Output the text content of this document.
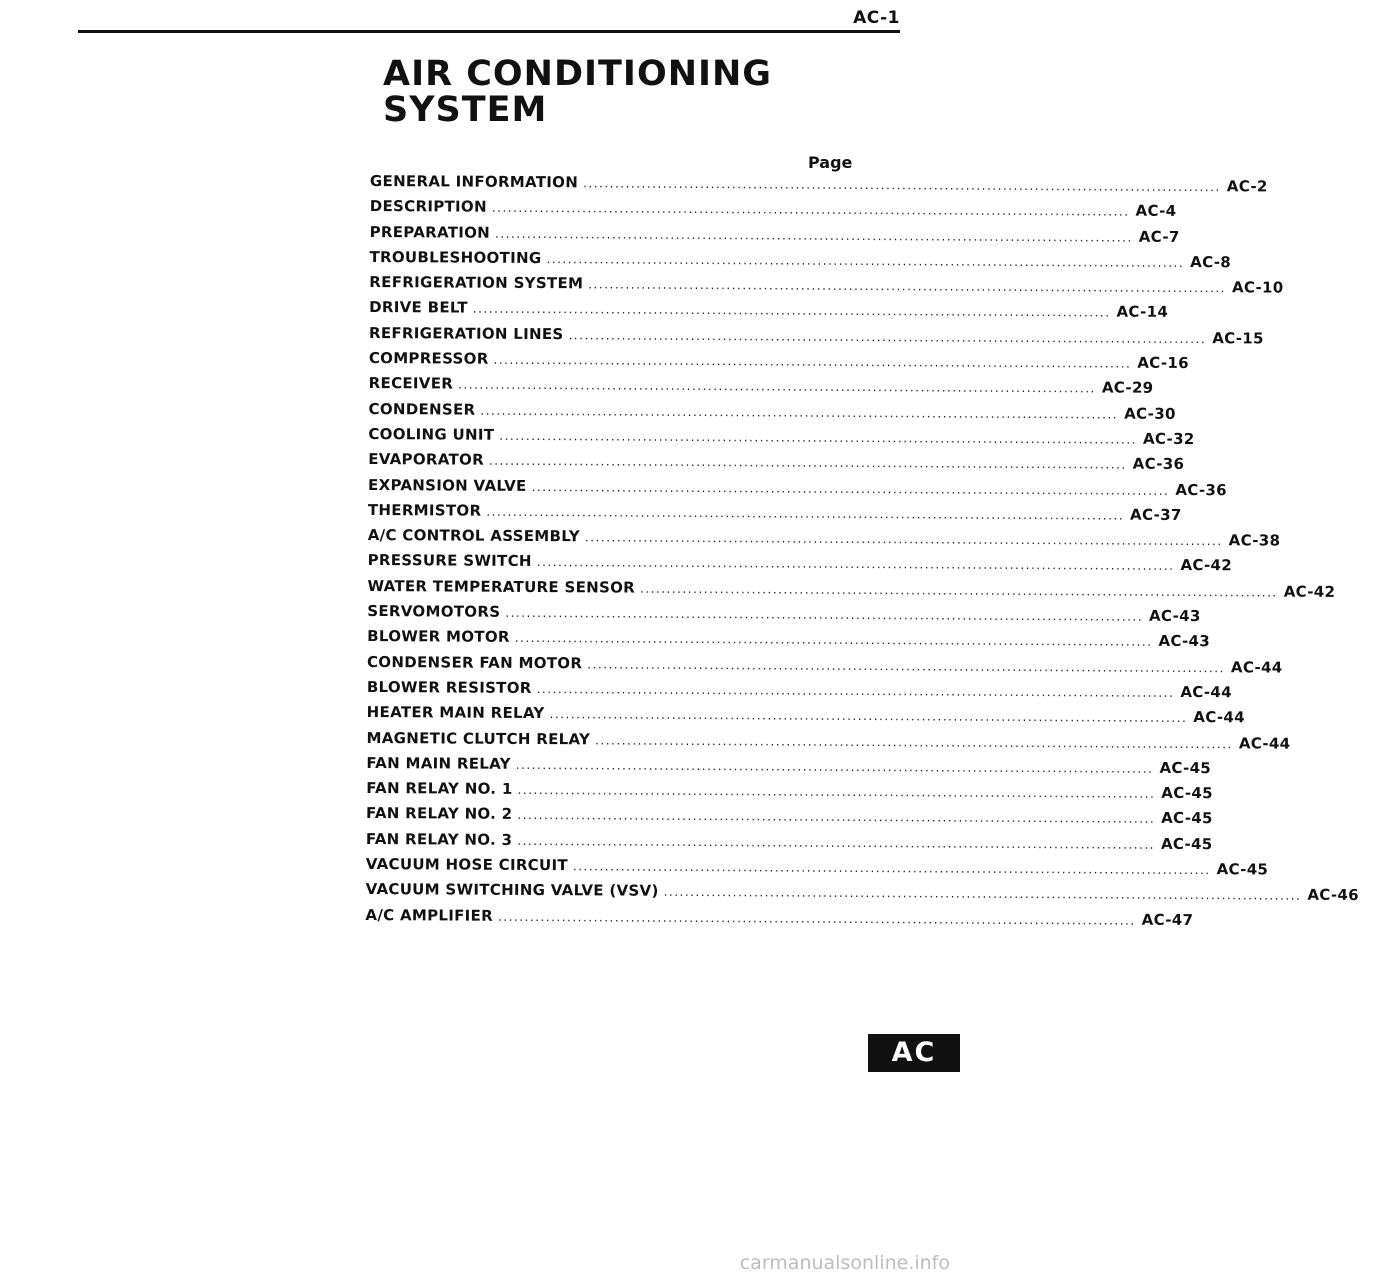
AC-1
AIR CONDITIONING
SYSTEM
Page
GENERAL INFORMATION ........................................................................................................................ AC-2
DESCRIPTION ........................................................................................................................ AC-4
PREPARATION ........................................................................................................................ AC-7
TROUBLESHOOTING ........................................................................................................................ AC-8
REFRIGERATION SYSTEM ........................................................................................................................ AC-10
DRIVE BELT ........................................................................................................................ AC-14
REFRIGERATION LINES ........................................................................................................................ AC-15
COMPRESSOR ........................................................................................................................ AC-16
RECEIVER ........................................................................................................................ AC-29
CONDENSER ........................................................................................................................ AC-30
COOLING UNIT ........................................................................................................................ AC-32
EVAPORATOR ........................................................................................................................ AC-36
EXPANSION VALVE ........................................................................................................................ AC-36
THERMISTOR ........................................................................................................................ AC-37
A/C CONTROL ASSEMBLY ........................................................................................................................ AC-38
PRESSURE SWITCH ........................................................................................................................ AC-42
WATER TEMPERATURE SENSOR ........................................................................................................................ AC-42
SERVOMOTORS ........................................................................................................................ AC-43
BLOWER MOTOR ........................................................................................................................ AC-43
CONDENSER FAN MOTOR ........................................................................................................................ AC-44
BLOWER RESISTOR ........................................................................................................................ AC-44
HEATER MAIN RELAY ........................................................................................................................ AC-44
MAGNETIC CLUTCH RELAY ........................................................................................................................ AC-44
FAN MAIN RELAY ........................................................................................................................ AC-45
FAN RELAY NO. 1 ........................................................................................................................ AC-45
FAN RELAY NO. 2 ........................................................................................................................ AC-45
FAN RELAY NO. 3 ........................................................................................................................ AC-45
VACUUM HOSE CIRCUIT ........................................................................................................................ AC-45
VACUUM SWITCHING VALVE (VSV) ........................................................................................................................ AC-46
A/C AMPLIFIER ........................................................................................................................ AC-47
AC
carmanualsonline.info
